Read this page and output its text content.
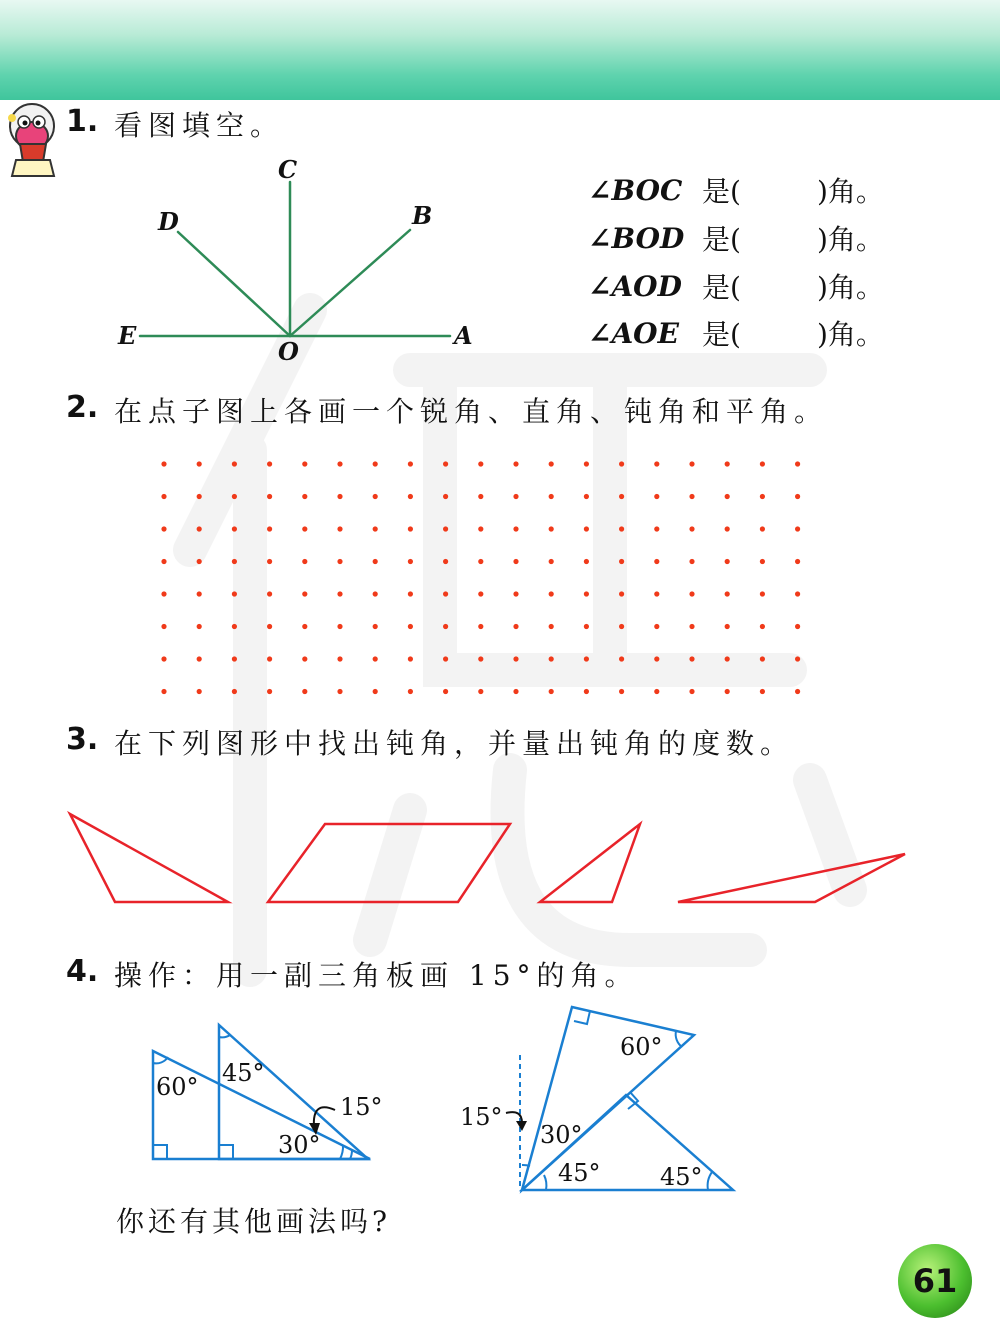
1. 看图填空。
C
D	B
E
O
A
∠BOC 是(	)角。
∠BOD 是(	)角。
∠AOD 是(	)角。
∠AOE 是(	)角。
2. 在点子图上各画一个锐角、直角、钝角和平角。
3. 在下列图形中找出钝角，并量出钝角的度数。
4. 操作：用一副三角板画 15°的角。
60° 45°
15°
30°
60°
15°
30°
45° 45°
你还有其他画法吗?
61
